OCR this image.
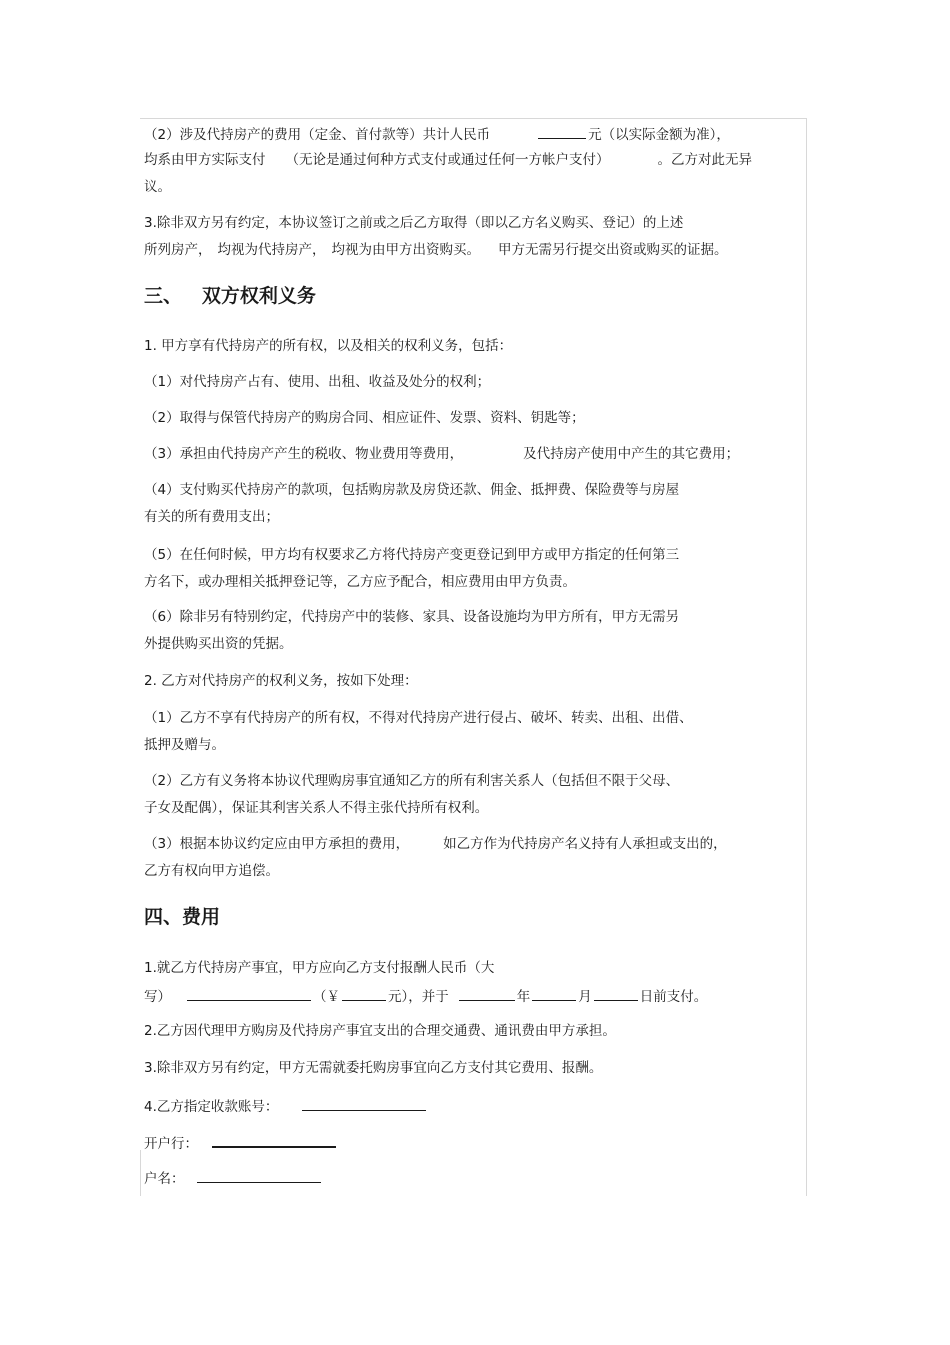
（2）涉及代持房产的费用（定金、首付款等）共计人民币	元（以实际金额为准），

均系由甲方实际支付 （无论是通过何种方式支付或通过任何一方帐户支付）	。乙方对此无异

议。

3.除非双方另有约定，本协议签订之前或之后乙方取得（即以乙方名义购买、登记）的上述

所列房产， 均视为代持房产， 均视为由甲方出资购买。 甲方无需另行提交出资或购买的证据。

三、   双方权利义务

1. 甲方享有代持房产的所有权，以及相关的权利义务，包括：

（1）对代持房产占有、使用、出租、收益及处分的权利；

（2）取得与保管代持房产的购房合同、相应证件、发票、资料、钥匙等；

（3）承担由代持房产产生的税收、物业费用等费用，	及代持房产使用中产生的其它费用；

（4）支付购买代持房产的款项，包括购房款及房贷还款、佣金、抵押费、保险费等与房屋

有关的所有费用支出；

（5）在任何时候，甲方均有权要求乙方将代持房产变更登记到甲方或甲方指定的任何第三

方名下，或办理相关抵押登记等，乙方应予配合，相应费用由甲方负责。

（6）除非另有特别约定，代持房产中的装修、家具、设备设施均为甲方所有，甲方无需另

外提供购买出资的凭据。

2. 乙方对代持房产的权利义务，按如下处理：

（1）乙方不享有代持房产的所有权，不得对代持房产进行侵占、破坏、转卖、出租、出借、

抵押及赠与。

（2）乙方有义务将本协议代理购房事宜通知乙方的所有利害关系人（包括但不限于父母、

子女及配偶），保证其利害关系人不得主张代持所有权利。

（3）根据本协议约定应由甲方承担的费用，	如乙方作为代持房产名义持有人承担或支出的，

乙方有权向甲方追偿。

四、费用

1.就乙方代持房产事宜，甲方应向乙方支付报酬人民币（大

写）	（￥	元），并于	年	月	日前支付。

2.乙方因代理甲方购房及代持房产事宜支出的合理交通费、通讯费由甲方承担。

3.除非双方另有约定，甲方无需就委托购房事宜向乙方支付其它费用、报酬。

4.乙方指定收款账号：

开户行：

户名：
